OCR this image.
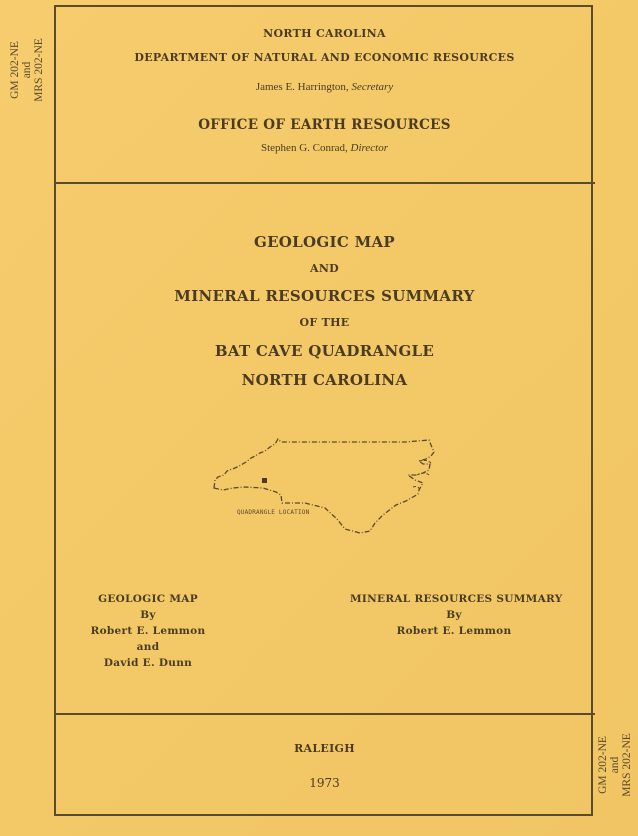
GM 202-NE and MRS 202-NE
GM 202-NE and MRS 202-NE
NORTH CAROLINA
DEPARTMENT OF NATURAL AND ECONOMIC RESOURCES
James E. Harrington, Secretary
OFFICE OF EARTH RESOURCES
Stephen G. Conrad, Director
GEOLOGIC MAP
AND
MINERAL RESOURCES SUMMARY
OF THE
BAT CAVE QUADRANGLE
NORTH CAROLINA
QUADRANGLE LOCATION
GEOLOGIC MAP
By
Robert E. Lemmon
and
David E. Dunn
MINERAL RESOURCES SUMMARY
By
Robert E. Lemmon
RALEIGH
1973
